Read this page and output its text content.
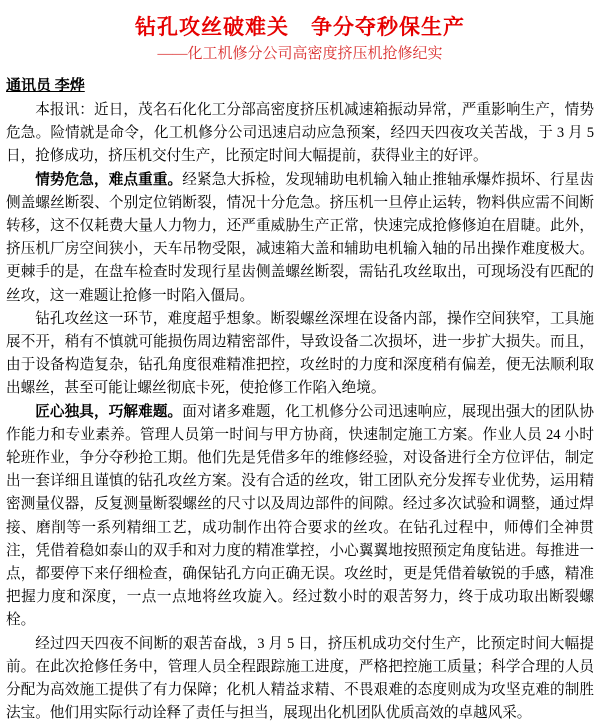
钻孔攻丝破难关　争分夺秒保生产
——化工机修分公司高密度挤压机抢修纪实
通讯员 李烨

本报讯：近日，茂名石化化工分部高密度挤压机减速箱振动异常，严重影响生产，情势危急。险情就是命令，化工机修分公司迅速启动应急预案，经四天四夜攻关苦战，于 3 月 5 日，抢修成功，挤压机交付生产，比预定时间大幅提前，获得业主的好评。

情势危急，难点重重。经紧急大拆检，发现辅助电机输入轴止推轴承爆炸损坏、行星齿侧盖螺丝断裂、个别定位销断裂，情况十分危急。挤压机一旦停止运转，物料供应需不间断转移，这不仅耗费大量人力物力，还严重威胁生产正常，快速完成抢修修迫在眉睫。此外，挤压机厂房空间狭小，天车吊物受限，减速箱大盖和辅助电机输入轴的吊出操作难度极大。更棘手的是，在盘车检查时发现行星齿侧盖螺丝断裂，需钻孔攻丝取出，可现场没有匹配的丝攻，这一难题让抢修一时陷入僵局。

钻孔攻丝这一环节，难度超乎想象。断裂螺丝深埋在设备内部，操作空间狭窄，工具施展不开，稍有不慎就可能损伤周边精密部件，导致设备二次损坏，进一步扩大损失。而且，由于设备构造复杂，钻孔角度很难精准把控，攻丝时的力度和深度稍有偏差，便无法顺利取出螺丝，甚至可能让螺丝彻底卡死，使抢修工作陷入绝境。

匠心独具，巧解难题。面对诸多难题，化工机修分公司迅速响应，展现出强大的团队协作能力和专业素养。管理人员第一时间与甲方协商，快速制定施工方案。作业人员 24 小时轮班作业，争分夺秒抢工期。他们先是凭借多年的维修经验，对设备进行全方位评估，制定出一套详细且谨慎的钻孔攻丝方案。没有合适的丝攻，钳工团队充分发挥专业优势，运用精密测量仪器，反复测量断裂螺丝的尺寸以及周边部件的间隙。经过多次试验和调整，通过焊接、磨削等一系列精细工艺，成功制作出符合要求的丝攻。在钻孔过程中，师傅们全神贯注，凭借着稳如泰山的双手和对力度的精准掌控，小心翼翼地按照预定角度钻进。每推进一点，都要停下来仔细检查，确保钻孔方向正确无误。攻丝时，更是凭借着敏锐的手感，精准把握力度和深度，一点一点地将丝攻旋入。经过数小时的艰苦努力，终于成功取出断裂螺栓。

经过四天四夜不间断的艰苦奋战，3 月 5 日，挤压机成功交付生产，比预定时间大幅提前。在此次抢修任务中，管理人员全程跟踪施工进度，严格把控施工质量；科学合理的人员分配为高效施工提供了有力保障；化机人精益求精、不畏艰难的态度则成为攻坚克难的制胜法宝。他们用实际行动诠释了责任与担当，展现出化机团队优质高效的卓越风采。
